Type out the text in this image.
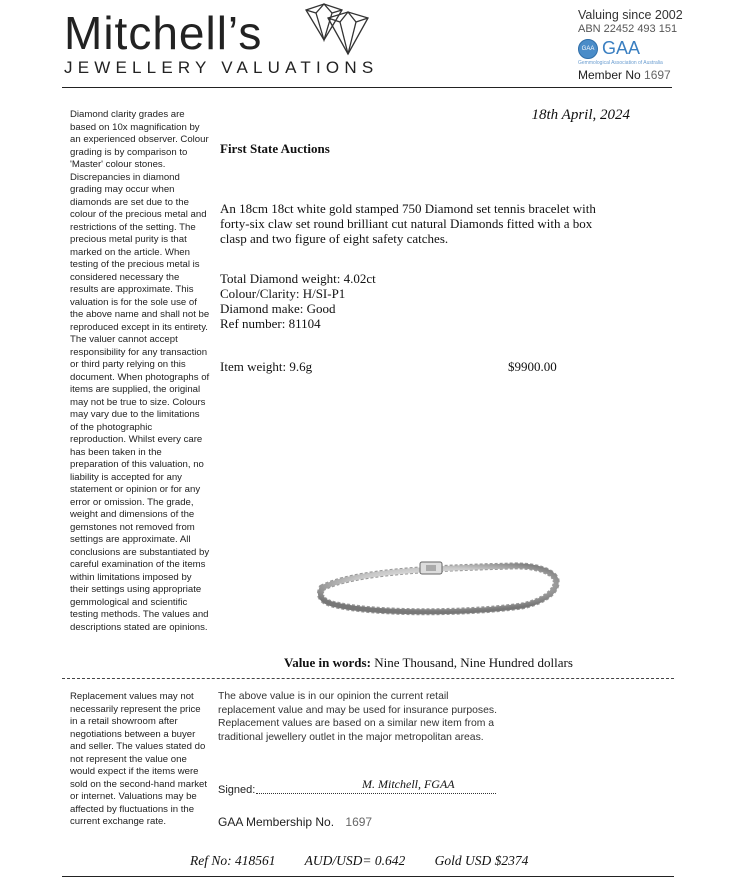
Mitchell’s
JEWELLERY VALUATIONS
Valuing since 2002
ABN 22452 493 151
GAA GAA
Gemmological Association of Australia
Member No 1697
Diamond clarity grades are based on 10x magnification by an experienced observer. Colour grading is by comparison to 'Master' colour stones. Discrepancies in diamond grading may occur when diamonds are set due to the colour of the precious metal and restrictions of the setting. The precious metal purity is that marked on the article. When testing of the precious metal is considered necessary the results are approximate. This valuation is for the sole use of the above name and shall not be reproduced except in its entirety. The valuer cannot accept responsibility for any transaction or third party relying on this document. When photographs of items are supplied, the original may not be true to size. Colours may vary due to the limitations of the photographic reproduction. Whilst every care has been taken in the preparation of this valuation, no liability is accepted for any statement or opinion or for any error or omission. The grade, weight and dimensions of the gemstones not removed from settings are approximate. All conclusions are substantiated by careful examination of the items within limitations imposed by their settings using appropriate gemmological and scientific testing methods. The values and descriptions stated are opinions.
Replacement values may not necessarily represent the price in a retail showroom after negotiations between a buyer and seller. The values stated do not represent the value one would expect if the items were sold on the second-hand market or internet. Valuations may be affected by fluctuations in the current exchange rate.
18th April, 2024
First State Auctions
An 18cm 18ct white gold stamped 750 Diamond set tennis bracelet with forty-six claw set round brilliant cut natural Diamonds fitted with a box clasp and two figure of eight safety catches.
Total Diamond weight: 4.02ct
Colour/Clarity: H/SI-P1
Diamond make: Good
Ref number: 81104
Item weight: 9.6g	$9900.00
Value in words: Nine Thousand, Nine Hundred dollars
The above value is in our opinion the current retail replacement value and may be used for insurance purposes. Replacement values are based on a similar new item from a traditional jewellery outlet in the major metropolitan areas.
Signed:	M. Mitchell, FGAA
GAA Membership No. 1697
Ref No: 418561 AUD/USD= 0.642 Gold USD $2374
